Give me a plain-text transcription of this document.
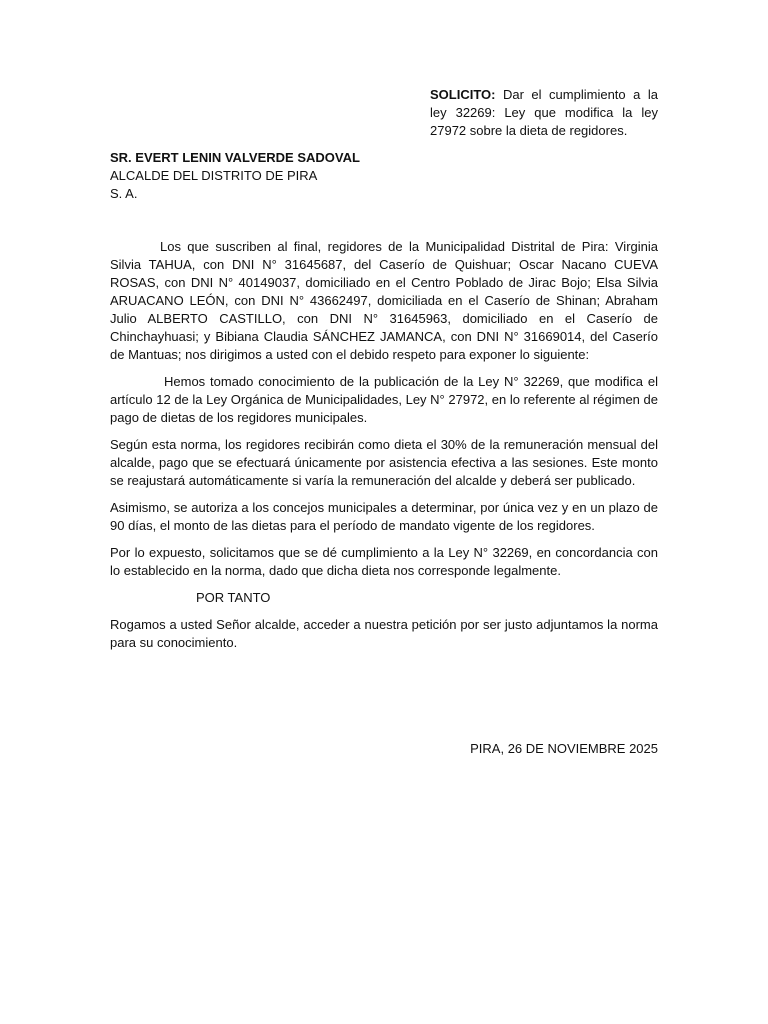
SOLICITO: Dar el cumplimiento a la ley 32269: Ley que modifica la ley 27972 sobre la dieta de regidores.
SR. EVERT LENIN VALVERDE SADOVAL
ALCALDE DEL DISTRITO DE PIRA
S. A.

Los que suscriben al final, regidores de la Municipalidad Distrital de Pira: Virginia Silvia TAHUA, con DNI N° 31645687, del Caserío de Quishuar; Oscar Nacano CUEVA ROSAS, con DNI N° 40149037, domiciliado en el Centro Poblado de Jirac Bojo; Elsa Silvia ARUACANO LEÓN, con DNI N° 43662497, domiciliada en el Caserío de Shinan; Abraham Julio ALBERTO CASTILLO, con DNI N° 31645963, domiciliado en el Caserío de Chinchayhuasi; y Bibiana Claudia SÁNCHEZ JAMANCA, con DNI N° 31669014, del Caserío de Mantuas; nos dirigimos a usted con el debido respeto para exponer lo siguiente:

Hemos tomado conocimiento de la publicación de la Ley N° 32269, que modifica el artículo 12 de la Ley Orgánica de Municipalidades, Ley N° 27972, en lo referente al régimen de pago de dietas de los regidores municipales.

Según esta norma, los regidores recibirán como dieta el 30% de la remuneración mensual del alcalde, pago que se efectuará únicamente por asistencia efectiva a las sesiones. Este monto se reajustará automáticamente si varía la remuneración del alcalde y deberá ser publicado.

Asimismo, se autoriza a los concejos municipales a determinar, por única vez y en un plazo de 90 días, el monto de las dietas para el período de mandato vigente de los regidores.

Por lo expuesto, solicitamos que se dé cumplimiento a la Ley N° 32269, en concordancia con lo establecido en la norma, dado que dicha dieta nos corresponde legalmente.

POR TANTO

Rogamos a usted Señor alcalde, acceder a nuestra petición por ser justo adjuntamos la norma para su conocimiento.

PIRA, 26 DE NOVIEMBRE 2025
